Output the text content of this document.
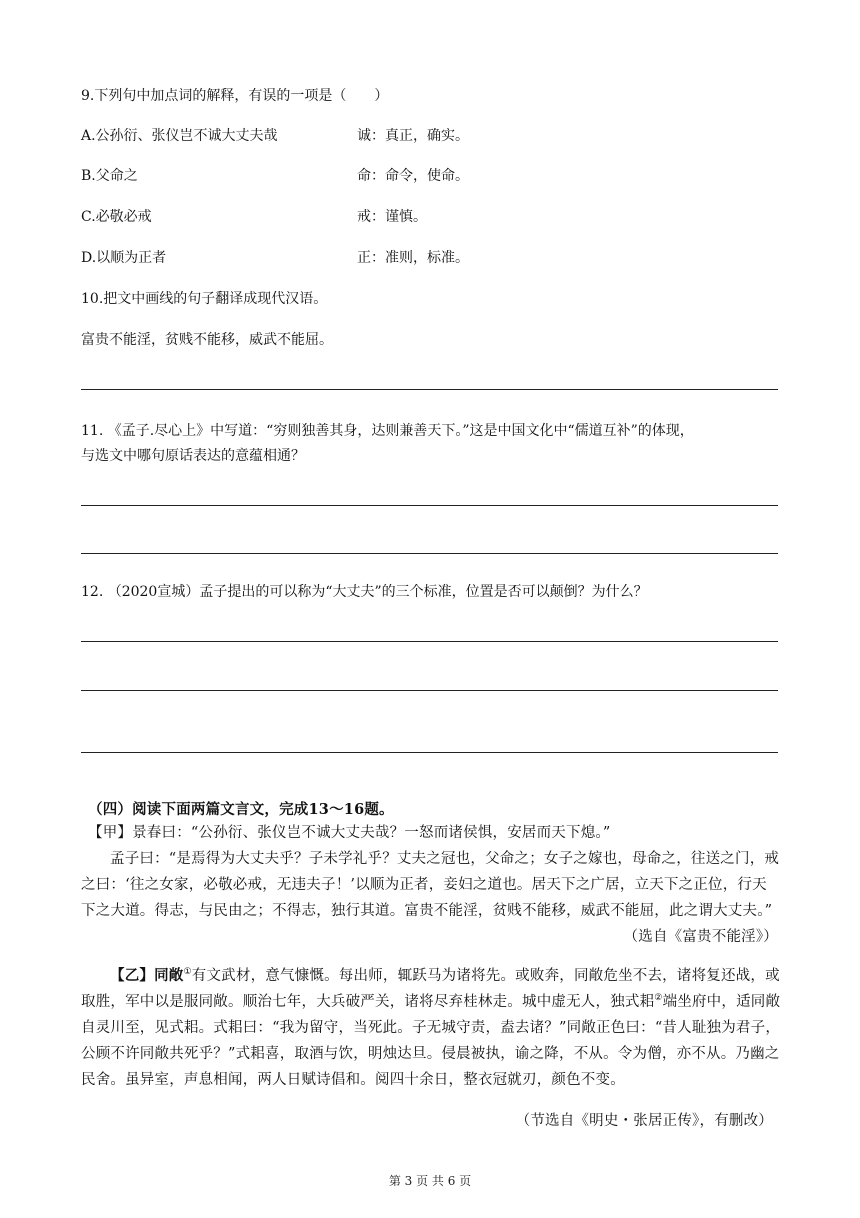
9.下列句中加点词的解释，有误的一项是（　　）
A.公孙衍、张仪岂不诚大丈夫哉	诚：真正，确实。
B.父命之	命：命令，使命。
C.必敬必戒	戒：谨慎。
D.以顺为正者	正：准则，标准。
10.把文中画线的句子翻译成现代汉语。
富贵不能淫，贫贱不能移，威武不能屈。
11. 《孟子.尽心上》中写道：“穷则独善其身，达则兼善天下。”这是中国文化中“儒道互补”的体现，
与选文中哪句原话表达的意蕴相通？
12. （2020宣城）孟子提出的可以称为“大丈夫”的三个标准，位置是否可以颠倒？为什么？
（四）阅读下面两篇文言文，完成13～16题。
【甲】景春曰：“公孙衍、张仪岂不诚大丈夫哉？一怒而诸侯惧，安居而天下熄。”
孟子曰：“是焉得为大丈夫乎？子未学礼乎？丈夫之冠也，父命之；女子之嫁也，母命之，往送之门，戒之曰：‘往之女家，必敬必戒，无违夫子！’以顺为正者，妾妇之道也。居天下之广居，立天下之正位，行天下之大道。得志，与民由之；不得志，独行其道。富贵不能淫，贫贱不能移，威武不能屈，此之谓大丈夫。”
（选自《富贵不能淫》）
【乙】同敞①有文武材，意气慷慨。每出师，辄跃马为诸将先。或败奔，同敞危坐不去，诸将复还战，或取胜，军中以是服同敞。顺治七年，大兵破严关，诸将尽弃桂林走。城中虚无人，独式耜②端坐府中，适同敞自灵川至，见式耜。式耜曰：“我为留守，当死此。子无城守责，盍去诸？”同敞正色曰：“昔人耻独为君子，公顾不许同敞共死乎？”式耜喜，取酒与饮，明烛达旦。侵晨被执，谕之降，不从。令为僧，亦不从。乃幽之民舍。虽异室，声息相闻，两人日赋诗倡和。阅四十余日，整衣冠就刃，颜色不变。
（节选自《明史・张居正传》，有删改）
第 3 页 共 6 页
